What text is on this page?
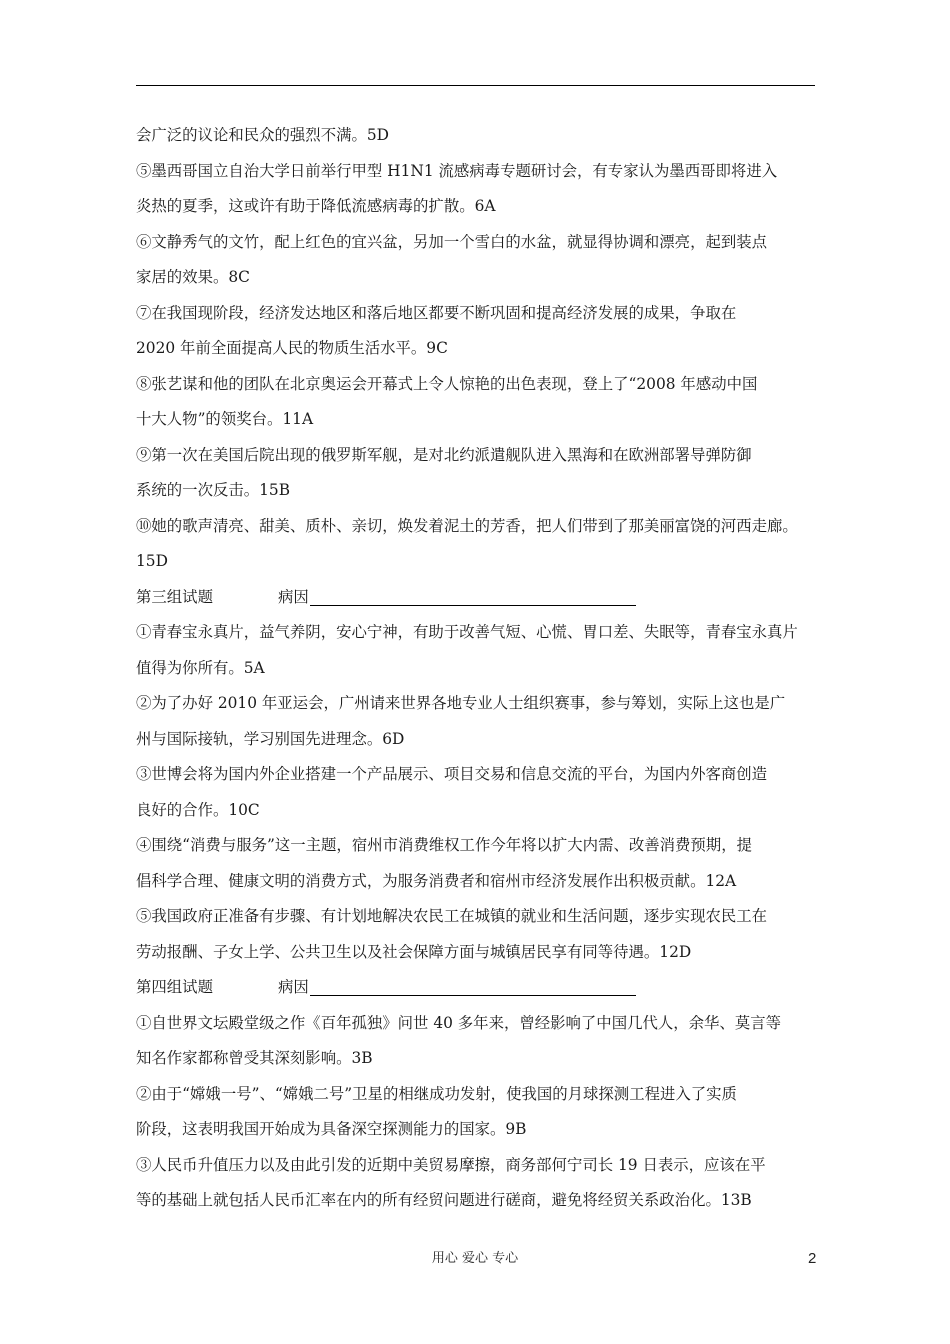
会广泛的议论和民众的强烈不满。5D
⑤墨西哥国立自治大学日前举行甲型 H1N1 流感病毒专题研讨会，有专家认为墨西哥即将进入
炎热的夏季，这或许有助于降低流感病毒的扩散。6A
⑥文静秀气的文竹，配上红色的宜兴盆，另加一个雪白的水盆，就显得协调和漂亮，起到装点
家居的效果。8C
⑦在我国现阶段，经济发达地区和落后地区都要不断巩固和提高经济发展的成果，争取在
2020 年前全面提高人民的物质生活水平。9C
⑧张艺谋和他的团队在北京奥运会开幕式上令人惊艳的出色表现，登上了“2008 年感动中国
十大人物”的领奖台。11A
⑨第一次在美国后院出现的俄罗斯军舰，是对北约派遣舰队进入黑海和在欧洲部署导弹防御
系统的一次反击。15B
⑩她的歌声清亮、甜美、质朴、亲切，焕发着泥土的芳香，把人们带到了那美丽富饶的河西走廊。
15D
第三组试题	病因
①青春宝永真片，益气养阴，安心宁神，有助于改善气短、心慌、胃口差、失眠等，青春宝永真片
值得为你所有。5A
②为了办好 2010 年亚运会，广州请来世界各地专业人士组织赛事，参与筹划，实际上这也是广
州与国际接轨，学习别国先进理念。6D
③世博会将为国内外企业搭建一个产品展示、项目交易和信息交流的平台，为国内外客商创造
良好的合作。10C
④围绕“消费与服务”这一主题，宿州市消费维权工作今年将以扩大内需、改善消费预期，提
倡科学合理、健康文明的消费方式，为服务消费者和宿州市经济发展作出积极贡献。12A
⑤我国政府正准备有步骤、有计划地解决农民工在城镇的就业和生活问题，逐步实现农民工在
劳动报酬、子女上学、公共卫生以及社会保障方面与城镇居民享有同等待遇。12D
第四组试题	病因
①自世界文坛殿堂级之作《百年孤独》问世 40 多年来，曾经影响了中国几代人，余华、莫言等
知名作家都称曾受其深刻影响。3B
②由于“嫦娥一号”、“嫦娥二号”卫星的相继成功发射，使我国的月球探测工程进入了实质
阶段，这表明我国开始成为具备深空探测能力的国家。9B
③人民币升值压力以及由此引发的近期中美贸易摩擦，商务部何宁司长 19 日表示，应该在平
等的基础上就包括人民币汇率在内的所有经贸问题进行磋商，避免将经贸关系政治化。13B
用心 爱心 专心	2
